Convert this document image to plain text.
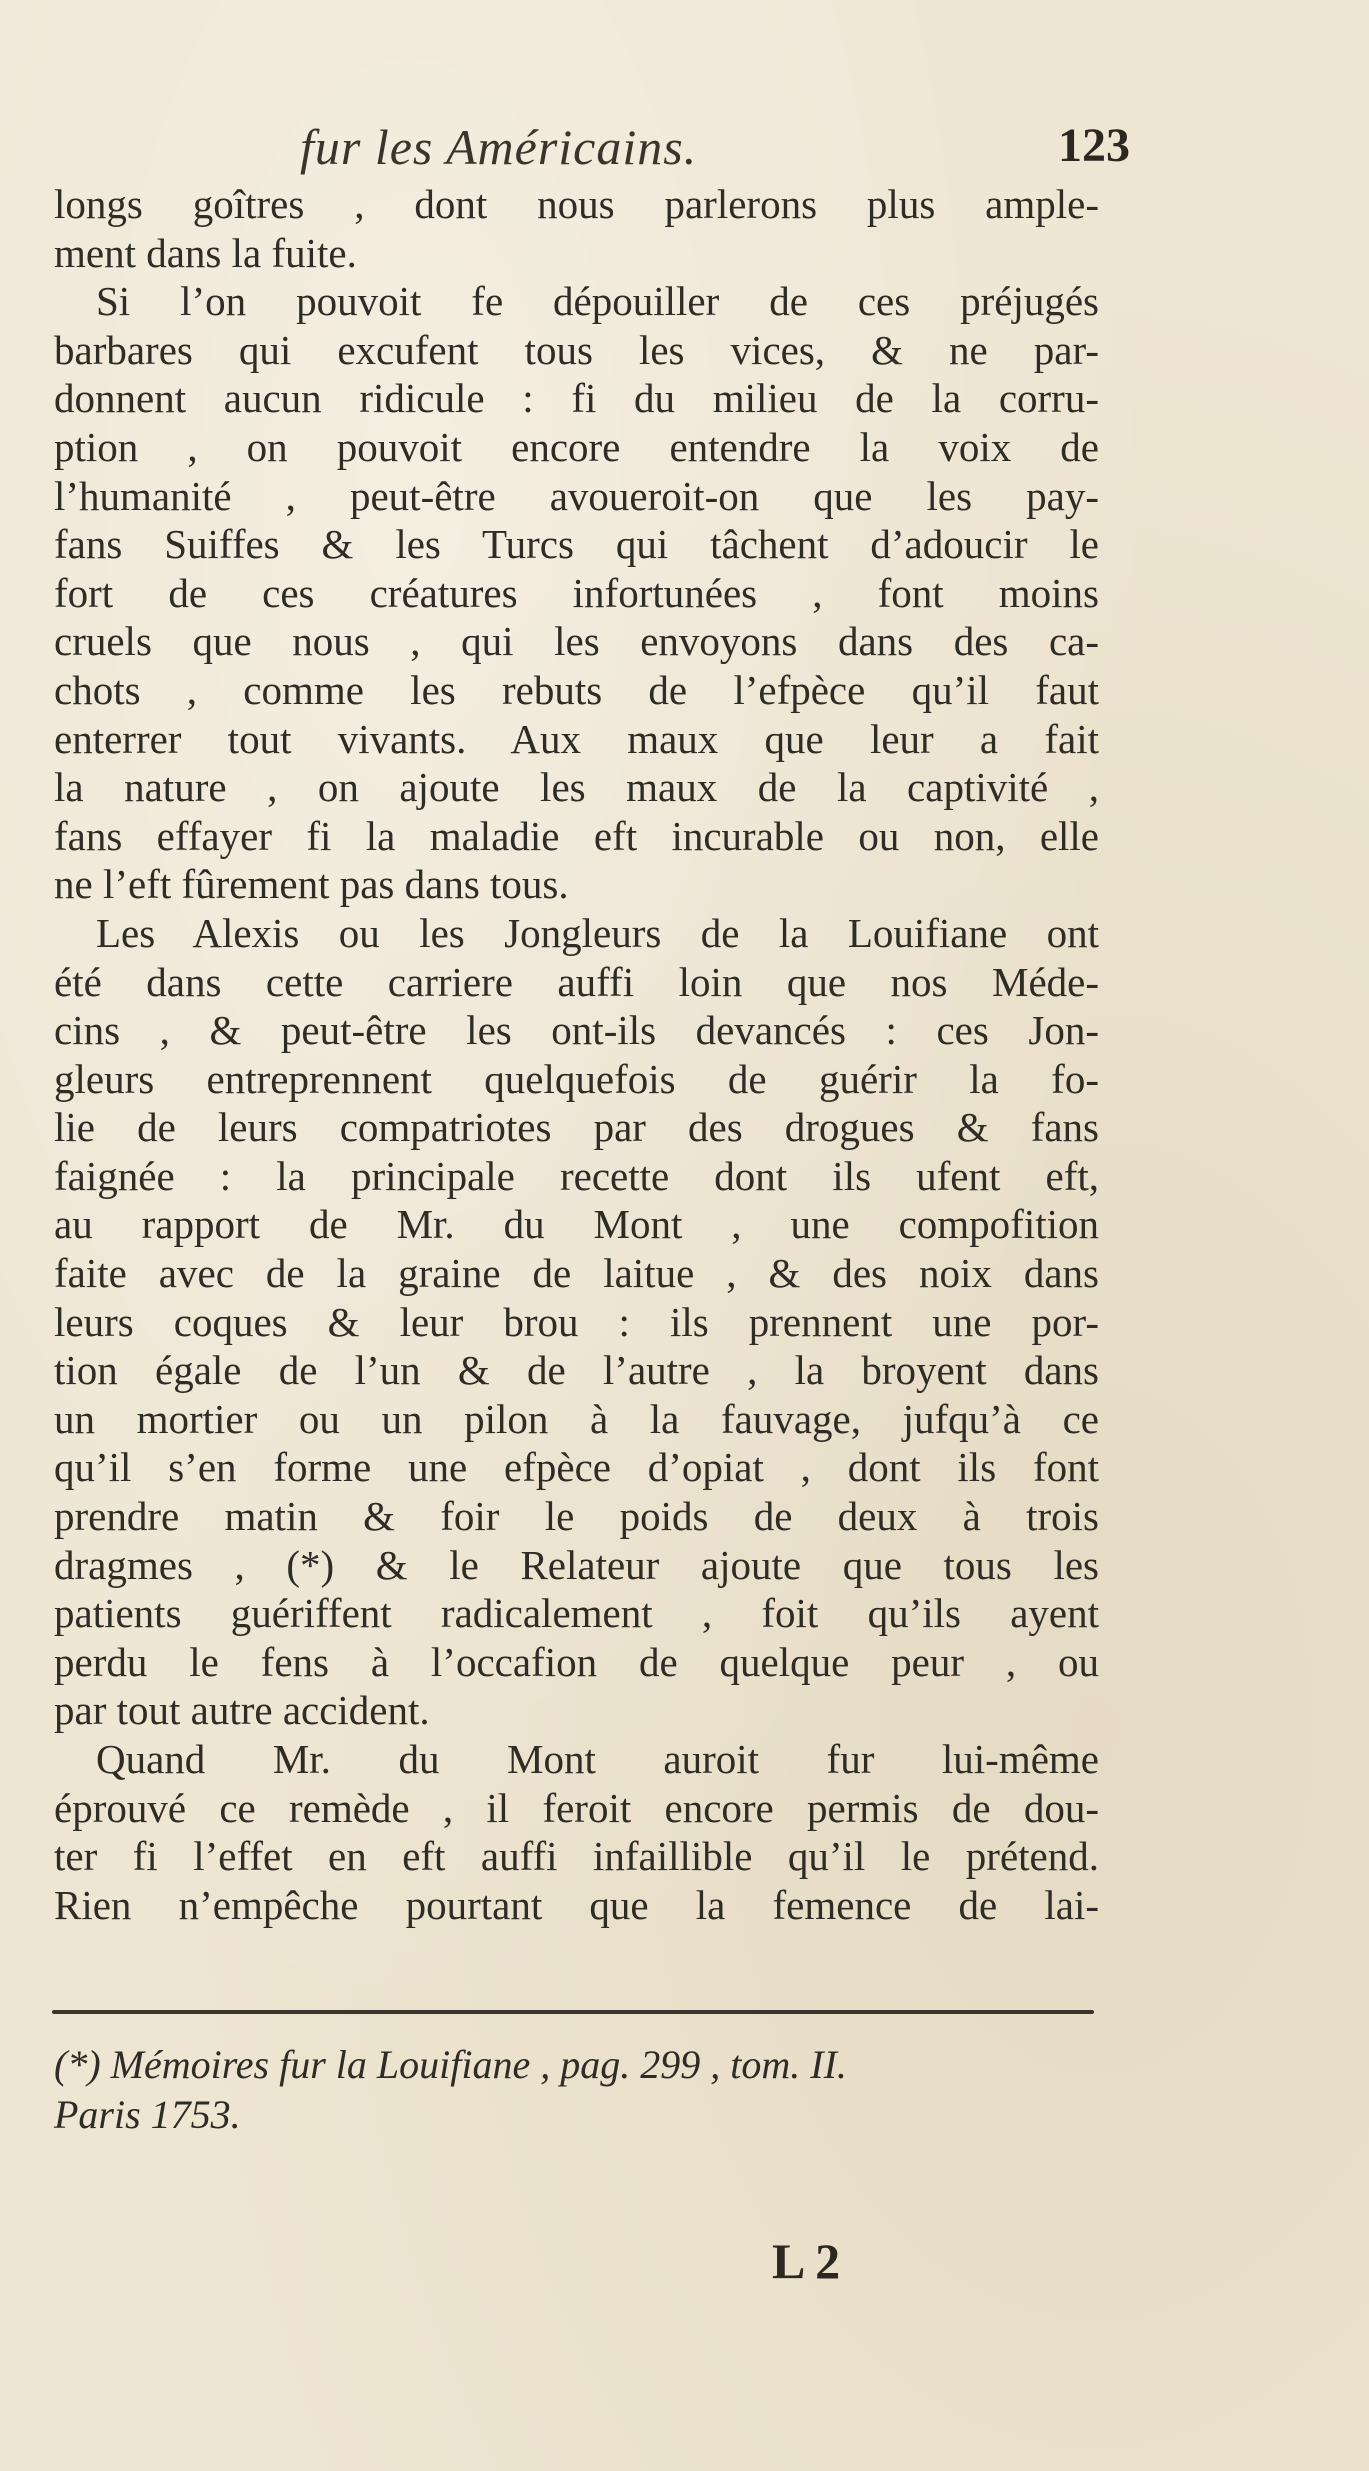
fur les Américains.	123
longs goîtres , dont nous parlerons plus ample-
ment dans la fuite.
Si l’on pouvoit fe dépouiller de ces préjugés
barbares qui excufent tous les vices, & ne par-
donnent aucun ridicule : fi du milieu de la corru-
ption , on pouvoit encore entendre la voix de
l’humanité , peut-être avoueroit-on que les pay-
fans Suiffes & les Turcs qui tâchent d’adoucir le
fort de ces créatures infortunées , font moins
cruels que nous , qui les envoyons dans des ca-
chots , comme les rebuts de l’efpèce qu’il faut
enterrer tout vivants. Aux maux que leur a fait
la nature , on ajoute les maux de la captivité ,
fans effayer fi la maladie eft incurable ou non, elle
ne l’eft fûrement pas dans tous.
Les Alexis ou les Jongleurs de la Louifiane ont
été dans cette carriere auffi loin que nos Méde-
cins , & peut-être les ont-ils devancés : ces Jon-
gleurs entreprennent quelquefois de guérir la fo-
lie de leurs compatriotes par des drogues & fans
faignée : la principale recette dont ils ufent eft,
au rapport de Mr. du Mont , une compofition
faite avec de la graine de laitue , & des noix dans
leurs coques & leur brou : ils prennent une por-
tion égale de l’un & de l’autre , la broyent dans
un mortier ou un pilon à la fauvage, jufqu’à ce
qu’il s’en forme une efpèce d’opiat , dont ils font
prendre matin & foir le poids de deux à trois
dragmes , (*) & le Relateur ajoute que tous les
patients guériffent radicalement , foit qu’ils ayent
perdu le fens à l’occafion de quelque peur , ou
par tout autre accident.
Quand Mr. du Mont auroit fur lui-même
éprouvé ce remède , il feroit encore permis de dou-
ter fi l’effet en eft auffi infaillible qu’il le prétend.
Rien n’empêche pourtant que la femence de lai-
(*) Mémoires fur la Louifiane , pag. 299 , tom. II.
Paris 1753.
L 2
